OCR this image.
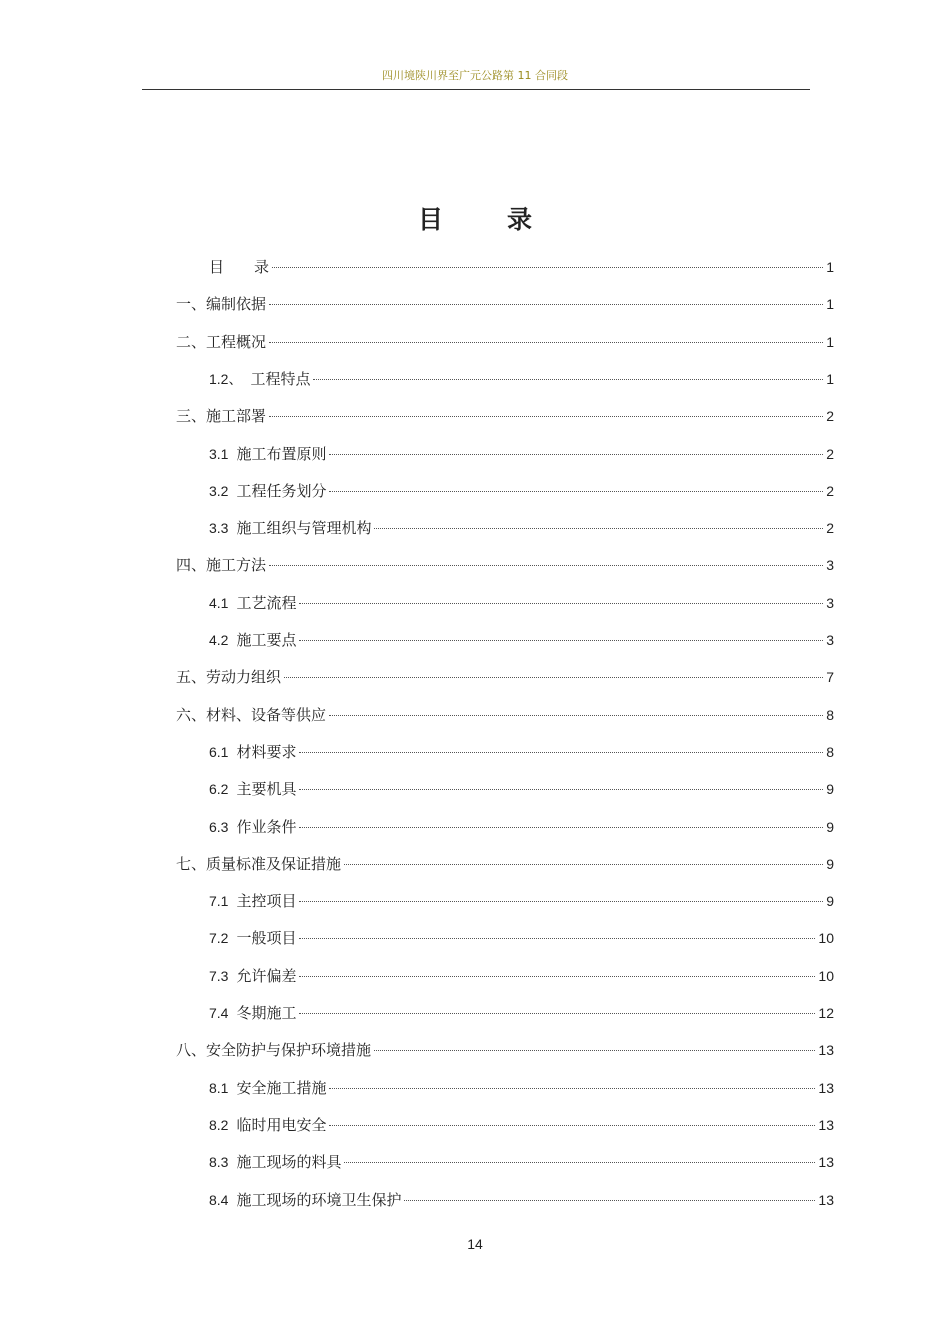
四川境陕川界至广元公路第 11 合同段
目	录
目　　录	1
一、编制依据	1
二、工程概况	1
1.2、 工程特点	1
三、施工部署	2
3.1 施工布置原则	2
3.2 工程任务划分	2
3.3 施工组织与管理机构	2
四、施工方法	3
4.1 工艺流程	3
4.2 施工要点	3
五、劳动力组织	7
六、材料、设备等供应	8
6.1 材料要求	8
6.2 主要机具	9
6.3 作业条件	9
七、质量标准及保证措施	9
7.1 主控项目	9
7.2 一般项目	10
7.3 允许偏差	10
7.4 冬期施工	12
八、安全防护与保护环境措施	13
8.1 安全施工措施	13
8.2 临时用电安全	13
8.3 施工现场的料具	13
8.4 施工现场的环境卫生保护	13
14
